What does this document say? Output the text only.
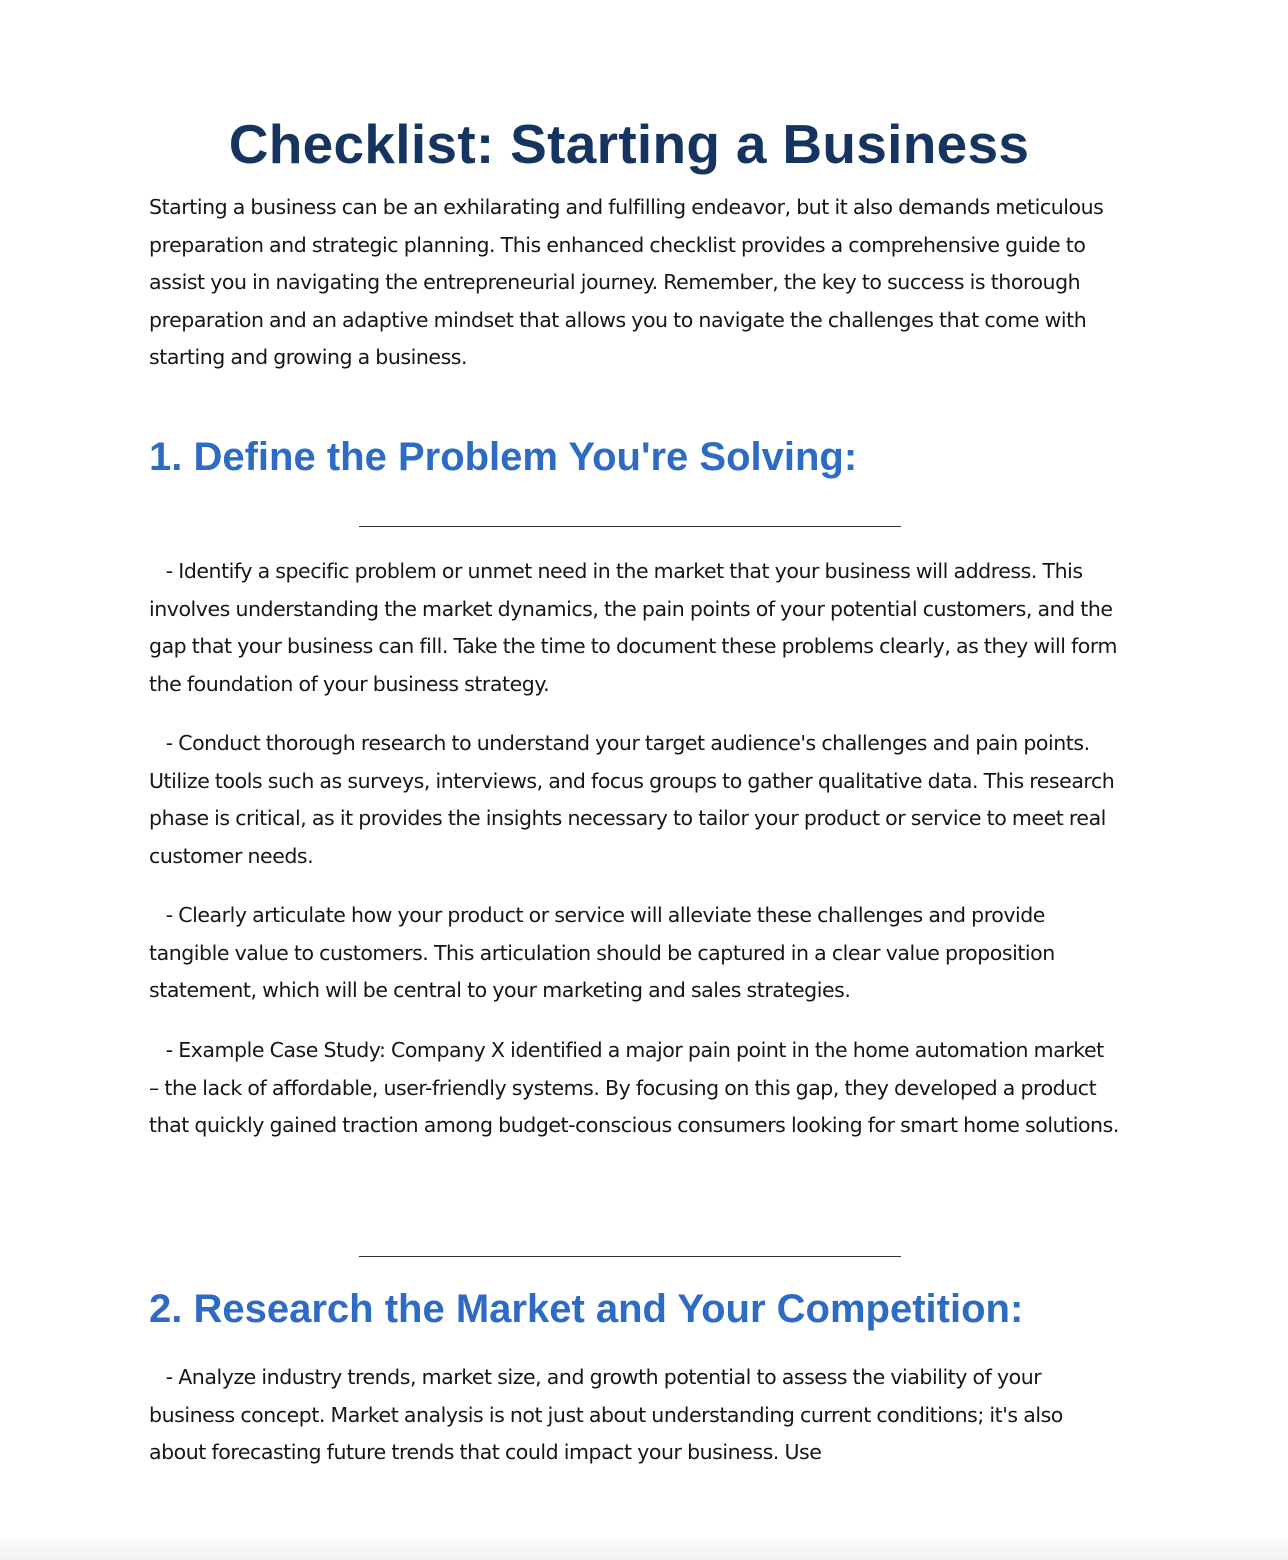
Checklist: Starting a Business

Starting a business can be an exhilarating and fulfilling endeavor, but it also demands meticulous preparation and strategic planning. This enhanced checklist provides a comprehensive guide to assist you in navigating the entrepreneurial journey. Remember, the key to success is thorough preparation and an adaptive mindset that allows you to navigate the challenges that come with starting and growing a business.

1. Define the Problem You're Solving:

- Identify a specific problem or unmet need in the market that your business will address. This involves understanding the market dynamics, the pain points of your potential customers, and the gap that your business can fill. Take the time to document these problems clearly, as they will form the foundation of your business strategy.

- Conduct thorough research to understand your target audience's challenges and pain points. Utilize tools such as surveys, interviews, and focus groups to gather qualitative data. This research phase is critical, as it provides the insights necessary to tailor your product or service to meet real customer needs.

- Clearly articulate how your product or service will alleviate these challenges and provide tangible value to customers. This articulation should be captured in a clear value proposition statement, which will be central to your marketing and sales strategies.

- Example Case Study: Company X identified a major pain point in the home automation market – the lack of affordable, user-friendly systems. By focusing on this gap, they developed a product that quickly gained traction among budget-conscious consumers looking for smart home solutions.

2. Research the Market and Your Competition:

- Analyze industry trends, market size, and growth potential to assess the viability of your business concept. Market analysis is not just about understanding current conditions; it's also about forecasting future trends that could impact your business. Use
